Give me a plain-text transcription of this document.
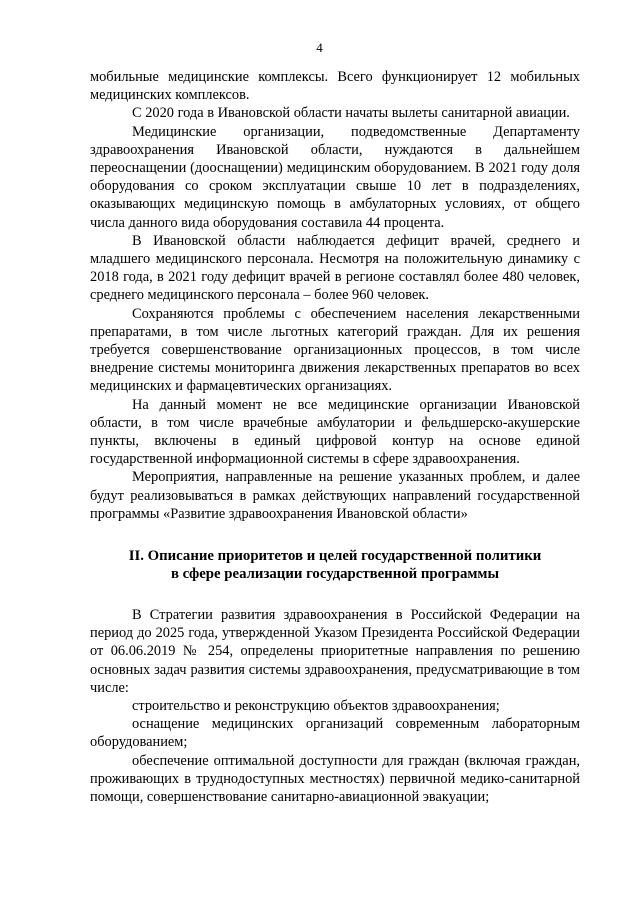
4

мобильные медицинские комплексы. Всего функционирует 12 мобильных медицинских комплексов.

С 2020 года в Ивановской области начаты вылеты санитарной авиации.

Медицинские организации, подведомственные Департаменту здравоохранения Ивановской области, нуждаются в дальнейшем переоснащении (дооснащении) медицинским оборудованием. В 2021 году доля оборудования со сроком эксплуатации свыше 10 лет в подразделениях, оказывающих медицинскую помощь в амбулаторных условиях, от общего числа данного вида оборудования составила 44 процента.

В Ивановской области наблюдается дефицит врачей, среднего и младшего медицинского персонала. Несмотря на положительную динамику с 2018 года, в 2021 году дефицит врачей в регионе составлял более 480 человек, среднего медицинского персонала – более 960 человек.

Сохраняются проблемы с обеспечением населения лекарственными препаратами, в том числе льготных категорий граждан. Для их решения требуется совершенствование организационных процессов, в том числе внедрение системы мониторинга движения лекарственных препаратов во всех медицинских и фармацевтических организациях.

На данный момент не все медицинские организации Ивановской области, в том числе врачебные амбулатории и фельдшерско-акушерские пункты, включены в единый цифровой контур на основе единой государственной информационной системы в сфере здравоохранения.

Мероприятия, направленные на решение указанных проблем, и далее будут реализовываться в рамках действующих направлений государственной программы «Развитие здравоохранения Ивановской области»

II. Описание приоритетов и целей государственной политики
в сфере реализации государственной программы

В Стратегии развития здравоохранения в Российской Федерации на период до 2025 года, утвержденной Указом Президента Российской Федерации от 06.06.2019 № 254, определены приоритетные направления по решению основных задач развития системы здравоохранения, предусматривающие в том числе:

строительство и реконструкцию объектов здравоохранения;

оснащение медицинских организаций современным лабораторным оборудованием;

обеспечение оптимальной доступности для граждан (включая граждан, проживающих в труднодоступных местностях) первичной медико-санитарной помощи, совершенствование санитарно-авиационной эвакуации;
